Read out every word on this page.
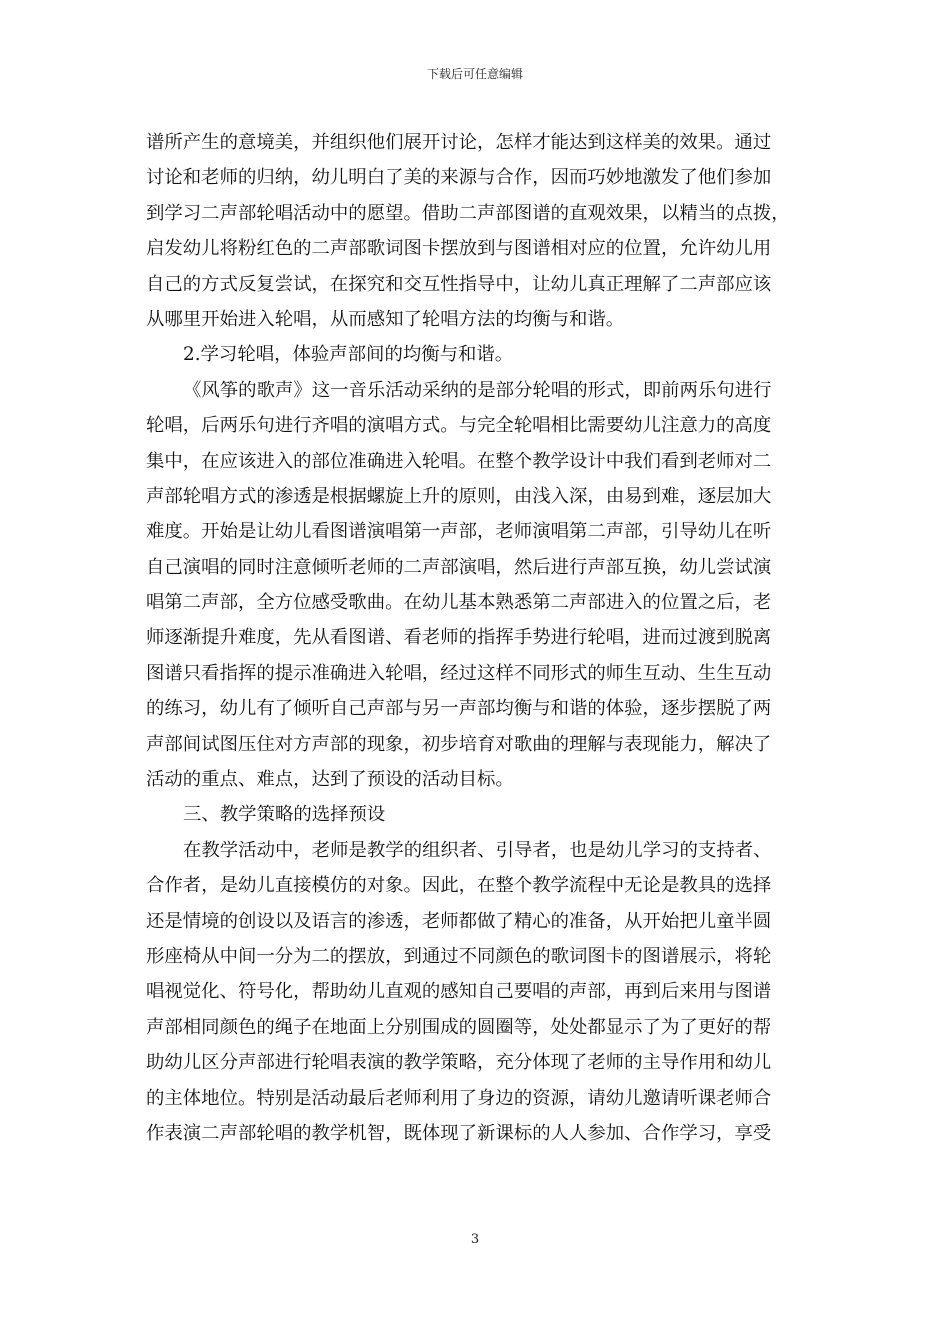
下载后可任意编辑
谱所产生的意境美，并组织他们展开讨论，怎样才能达到这样美的效果。通过
讨论和老师的归纳，幼儿明白了美的来源与合作，因而巧妙地激发了他们参加
到学习二声部轮唱活动中的愿望。借助二声部图谱的直观效果，以精当的点拨，
启发幼儿将粉红色的二声部歌词图卡摆放到与图谱相对应的位置，允许幼儿用
自己的方式反复尝试，在探究和交互性指导中，让幼儿真正理解了二声部应该
从哪里开始进入轮唱，从而感知了轮唱方法的均衡与和谐。
2.学习轮唱，体验声部间的均衡与和谐。
《风筝的歌声》这一音乐活动采纳的是部分轮唱的形式，即前两乐句进行
轮唱，后两乐句进行齐唱的演唱方式。与完全轮唱相比需要幼儿注意力的高度
集中，在应该进入的部位准确进入轮唱。在整个教学设计中我们看到老师对二
声部轮唱方式的渗透是根据螺旋上升的原则，由浅入深，由易到难，逐层加大
难度。开始是让幼儿看图谱演唱第一声部，老师演唱第二声部，引导幼儿在听
自己演唱的同时注意倾听老师的二声部演唱，然后进行声部互换，幼儿尝试演
唱第二声部，全方位感受歌曲。在幼儿基本熟悉第二声部进入的位置之后，老
师逐渐提升难度，先从看图谱、看老师的指挥手势进行轮唱，进而过渡到脱离
图谱只看指挥的提示准确进入轮唱，经过这样不同形式的师生互动、生生互动
的练习，幼儿有了倾听自己声部与另一声部均衡与和谐的体验，逐步摆脱了两
声部间试图压住对方声部的现象，初步培育对歌曲的理解与表现能力，解决了
活动的重点、难点，达到了预设的活动目标。
三、教学策略的选择预设
在教学活动中，老师是教学的组织者、引导者，也是幼儿学习的支持者、
合作者，是幼儿直接模仿的对象。因此，在整个教学流程中无论是教具的选择
还是情境的创设以及语言的渗透，老师都做了精心的准备，从开始把儿童半圆
形座椅从中间一分为二的摆放，到通过不同颜色的歌词图卡的图谱展示，将轮
唱视觉化、符号化，帮助幼儿直观的感知自己要唱的声部，再到后来用与图谱
声部相同颜色的绳子在地面上分别围成的圆圈等，处处都显示了为了更好的帮
助幼儿区分声部进行轮唱表演的教学策略，充分体现了老师的主导作用和幼儿
的主体地位。特别是活动最后老师利用了身边的资源，请幼儿邀请听课老师合
作表演二声部轮唱的教学机智，既体现了新课标的人人参加、合作学习，享受
3
